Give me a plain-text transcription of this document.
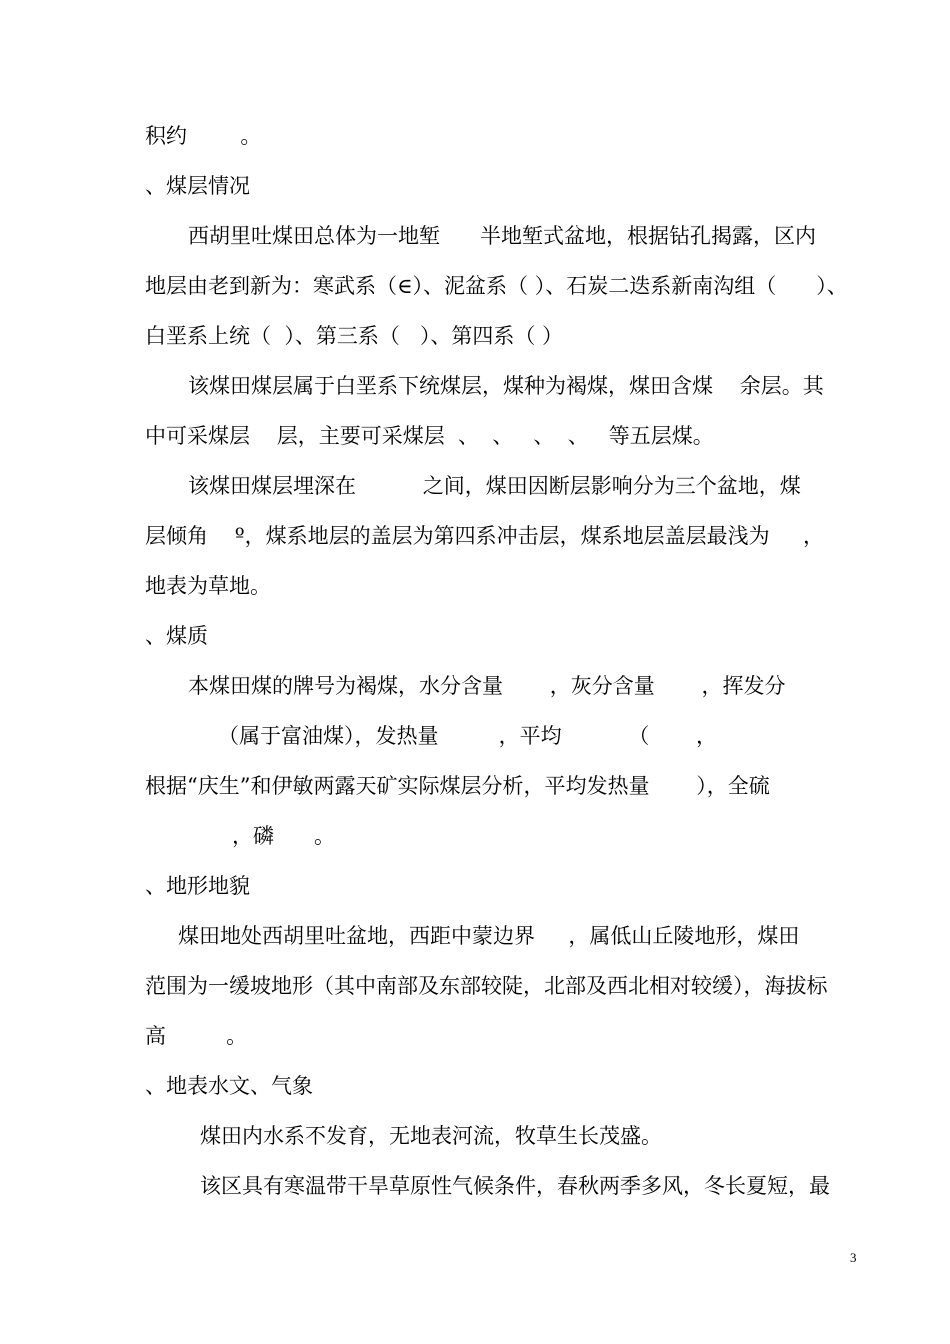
积约        。
、煤层情况
西胡里吐煤田总体为一地堑      半地堑式盆地，根据钻孔揭露，区内
地层由老到新为：寒武系（∈）、泥盆系（ ）、石炭二迭系新南沟组（      ）、
白垩系上统（  ）、第三系（   ）、第四系（ ）
该煤田煤层属于白垩系下统煤层，煤种为褐煤，煤田含煤    余层。其
中可采煤层    层，主要可采煤层  、  、   、  、   等五层煤。
该煤田煤层埋深在          之间，煤田因断层影响分为三个盆地，煤
层倾角    º，煤系地层的盖层为第四系冲击层，煤系地层盖层最浅为     ，
地表为草地。
、煤质
本煤田煤的牌号为褐煤，水分含量       ，灰分含量       ，挥发分
（属于富油煤），发热量         ，平均          （       ，
根据“庆生”和伊敏两露天矿实际煤层分析，平均发热量       ），全硫
，磷      。
、地形地貌
煤田地处西胡里吐盆地，西距中蒙边界     ，属低山丘陵地形，煤田
范围为一缓坡地形（其中南部及东部较陡，北部及西北相对较缓），海拔标
高         。
、地表水文、气象
煤田内水系不发育，无地表河流，牧草生长茂盛。
该区具有寒温带干旱草原性气候条件，春秋两季多风，冬长夏短，最
3
